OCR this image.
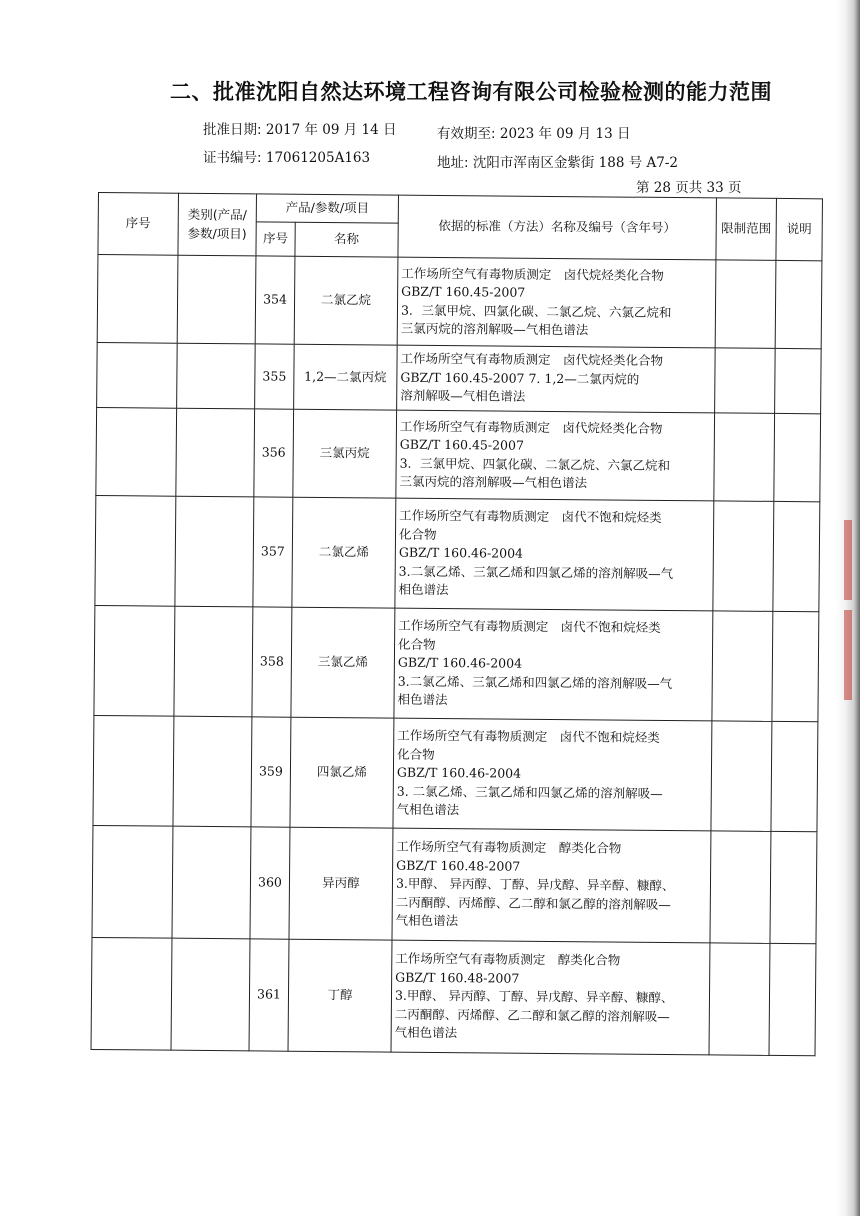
二、批准沈阳自然达环境工程咨询有限公司检验检测的能力范围
批准日期: 2017 年 09 月 14 日	有效期至: 2023 年 09 月 13 日
证书编号: 17061205A163	地址: 沈阳市浑南区金紫街 188 号 A7-2
第 28 页共 33 页
序号	类别(产品/参数/项目)	产品/参数/项目		依据的标准（方法）名称及编号（含年号）	限制范围	说明
		序号	名称			
		354	二氯乙烷	工作场所空气有毒物质测定　卤代烷烃类化合物
GBZ/T 160.45-2007
3．三氯甲烷、四氯化碳、二氯乙烷、六氯乙烷和
三氯丙烷的溶剂解吸—气相色谱法		

		355	1,2—二氯丙烷	工作场所空气有毒物质测定　卤代烷烃类化合物
GBZ/T 160.45-2007 7. 1,2—二氯丙烷的
溶剂解吸—气相色谱法		

		356	三氯丙烷	工作场所空气有毒物质测定　卤代烷烃类化合物
GBZ/T 160.45-2007
3．三氯甲烷、四氯化碳、二氯乙烷、六氯乙烷和
三氯丙烷的溶剂解吸—气相色谱法		

		357	二氯乙烯	工作场所空气有毒物质测定　卤代不饱和烷烃类
化合物
GBZ/T 160.46-2004
3.二氯乙烯、三氯乙烯和四氯乙烯的溶剂解吸—气
相色谱法		

		358	三氯乙烯	工作场所空气有毒物质测定　卤代不饱和烷烃类
化合物
GBZ/T 160.46-2004
3.二氯乙烯、三氯乙烯和四氯乙烯的溶剂解吸—气
相色谱法		

		359	四氯乙烯	工作场所空气有毒物质测定　卤代不饱和烷烃类
化合物
GBZ/T 160.46-2004
3. 二氯乙烯、三氯乙烯和四氯乙烯的溶剂解吸—
气相色谱法		

		360	异丙醇	工作场所空气有毒物质测定　醇类化合物
GBZ/T 160.48-2007
3.甲醇、 异丙醇、丁醇、异戊醇、异辛醇、糠醇、
二丙酮醇、丙烯醇、乙二醇和氯乙醇的溶剂解吸—
气相色谱法		

		361	丁醇	工作场所空气有毒物质测定　醇类化合物
GBZ/T 160.48-2007
3.甲醇、 异丙醇、丁醇、异戊醇、异辛醇、糠醇、
二丙酮醇、丙烯醇、乙二醇和氯乙醇的溶剂解吸—
气相色谱法		
